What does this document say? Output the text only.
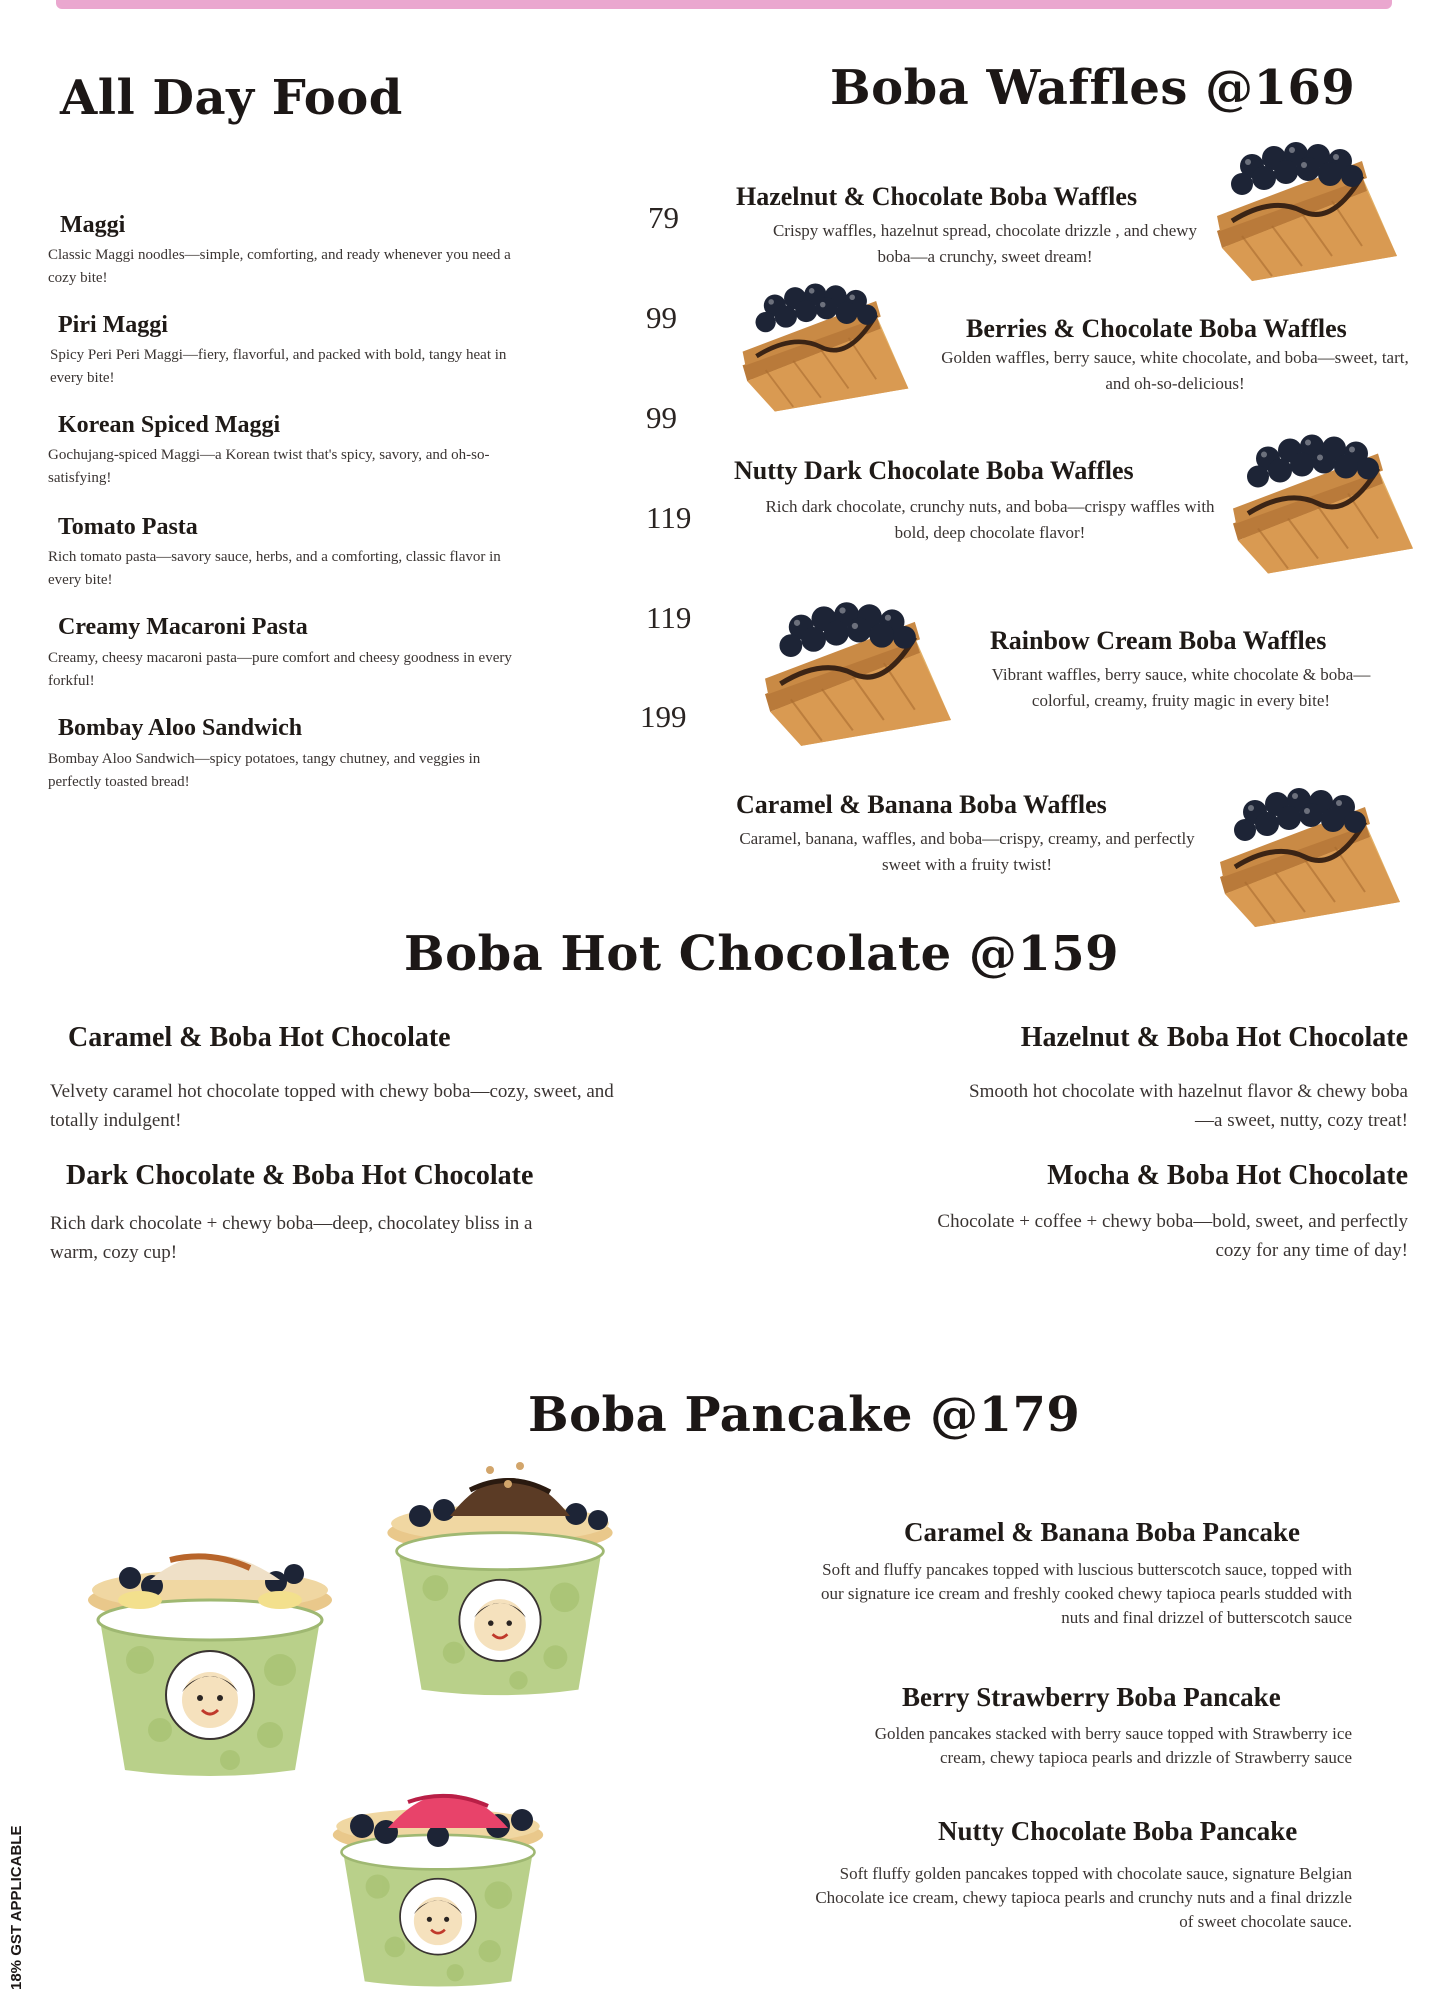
All Day Food
Maggi	79
Classic Maggi noodles—simple, comforting, and ready whenever you need a cozy bite!
Piri Maggi	99
Spicy Peri Peri Maggi—fiery, flavorful, and packed with bold, tangy heat in every bite!
Korean Spiced Maggi	99
Gochujang-spiced Maggi—a Korean twist that's spicy, savory, and oh-so-satisfying!
Tomato Pasta	119
Rich tomato pasta—savory sauce, herbs, and a comforting, classic flavor in every bite!
Creamy Macaroni Pasta	119
Creamy, cheesy macaroni pasta—pure comfort and cheesy goodness in every forkful!
Bombay Aloo Sandwich	199
Bombay Aloo Sandwich—spicy potatoes, tangy chutney, and veggies in perfectly toasted bread!
Boba Waffles @169
Hazelnut & Chocolate Boba Waffles
Crispy waffles, hazelnut spread, chocolate drizzle , and chewy boba—a crunchy, sweet dream!
Berries & Chocolate Boba Waffles
Golden waffles, berry sauce, white chocolate, and boba—sweet, tart, and oh-so-delicious!
Nutty Dark Chocolate Boba Waffles
Rich dark chocolate, crunchy nuts, and boba—crispy waffles with bold, deep chocolate flavor!
Rainbow Cream Boba Waffles
Vibrant waffles, berry sauce, white chocolate & boba—colorful, creamy, fruity magic in every bite!
Caramel & Banana Boba Waffles
Caramel, banana, waffles, and boba—crispy, creamy, and perfectly sweet with a fruity twist!
Boba Hot Chocolate @159
Caramel & Boba Hot Chocolate
Velvety caramel hot chocolate topped with chewy boba—cozy, sweet, and totally indulgent!
Hazelnut & Boba Hot Chocolate
Smooth hot chocolate with hazelnut flavor & chewy boba—a sweet, nutty, cozy treat!
Dark Chocolate & Boba Hot Chocolate
Rich dark chocolate + chewy boba—deep, chocolatey bliss in a warm, cozy cup!
Mocha & Boba Hot Chocolate
Chocolate + coffee + chewy boba—bold, sweet, and perfectly cozy for any time of day!
Boba Pancake @179
Caramel & Banana Boba Pancake
Soft and fluffy pancakes topped with luscious butterscotch sauce, topped with our signature ice cream and freshly cooked chewy tapioca pearls studded with nuts and final drizzel of butterscotch sauce
Berry Strawberry Boba Pancake
Golden pancakes stacked with berry sauce topped with Strawberry ice cream, chewy tapioca pearls and drizzle of Strawberry sauce
Nutty Chocolate Boba Pancake
Soft fluffy golden pancakes topped with chocolate sauce, signature Belgian Chocolate ice cream, chewy tapioca pearls and crunchy nuts and a final drizzle of sweet chocolate sauce.
18% GST APPLICABLE
